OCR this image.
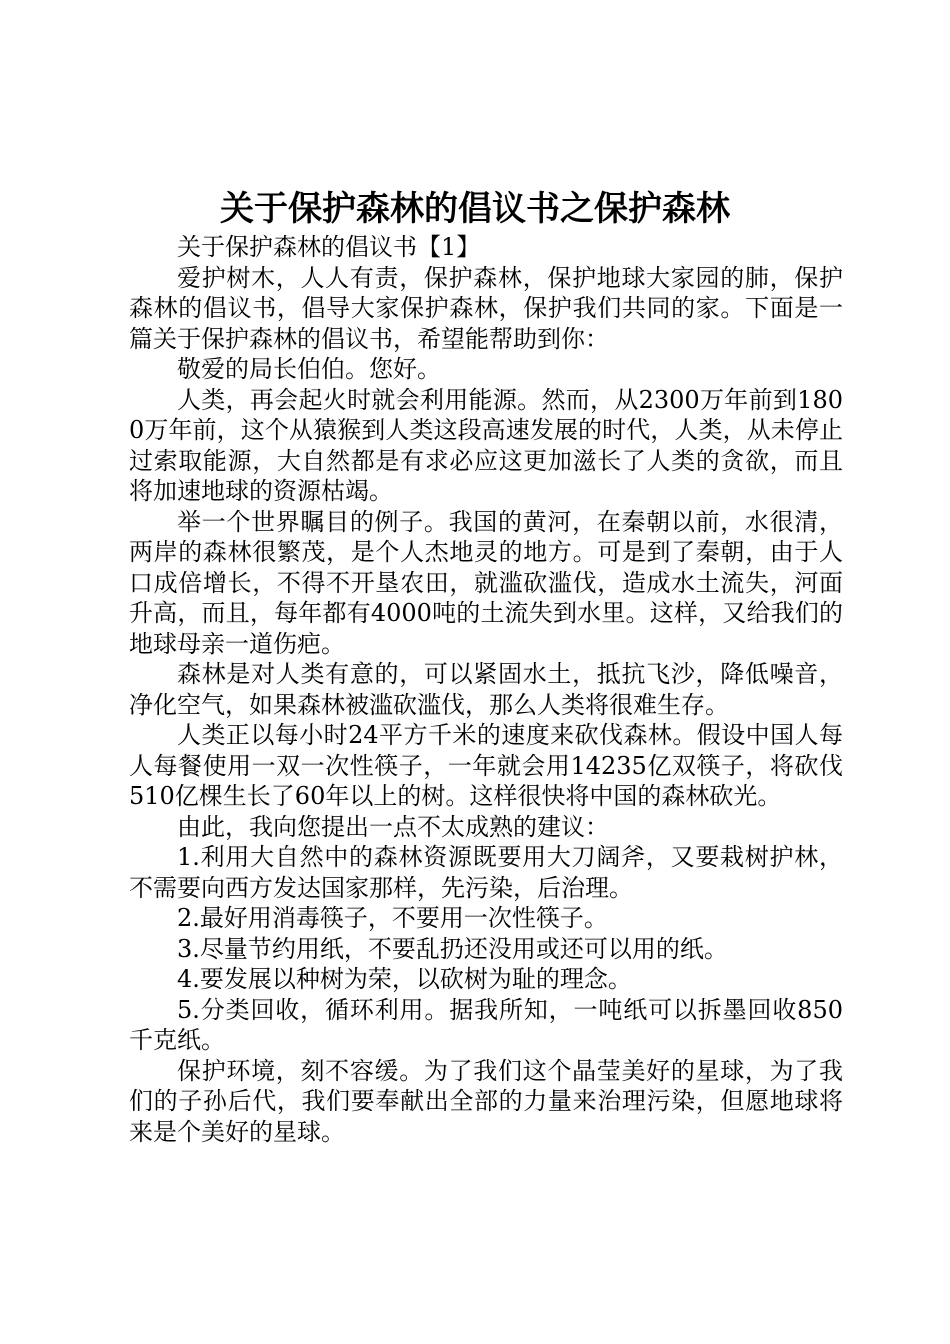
关于保护森林的倡议书之保护森林

关于保护森林的倡议书【1】

爱护树木，人人有责，保护森林，保护地球大家园的肺，保护森林的倡议书，倡导大家保护森林，保护我们共同的家。下面是一篇关于保护森林的倡议书，希望能帮助到你：

敬爱的局长伯伯。您好。

人类，再会起火时就会利用能源。然而，从2300万年前到1800万年前，这个从猿猴到人类这段高速发展的时代，人类，从未停止过索取能源，大自然都是有求必应这更加滋长了人类的贪欲，而且将加速地球的资源枯竭。

举一个世界瞩目的例子。我国的黄河，在秦朝以前，水很清，两岸的森林很繁茂，是个人杰地灵的地方。可是到了秦朝，由于人口成倍增长，不得不开垦农田，就滥砍滥伐，造成水土流失，河面升高，而且，每年都有4000吨的土流失到水里。这样，又给我们的地球母亲一道伤疤。

森林是对人类有意的，可以紧固水土，抵抗飞沙，降低噪音，净化空气，如果森林被滥砍滥伐，那么人类将很难生存。

人类正以每小时24平方千米的速度来砍伐森林。假设中国人每人每餐使用一双一次性筷子，一年就会用14235亿双筷子，将砍伐510亿棵生长了60年以上的树。这样很快将中国的森林砍光。

由此，我向您提出一点不太成熟的建议：

1.利用大自然中的森林资源既要用大刀阔斧，又要栽树护林，不需要向西方发达国家那样，先污染，后治理。

2.最好用消毒筷子，不要用一次性筷子。

3.尽量节约用纸，不要乱扔还没用或还可以用的纸。

4.要发展以种树为荣，以砍树为耻的理念。

5.分类回收，循环利用。据我所知，一吨纸可以拆墨回收850千克纸。

保护环境，刻不容缓。为了我们这个晶莹美好的星球，为了我们的子孙后代，我们要奉献出全部的力量来治理污染，但愿地球将来是个美好的星球。
